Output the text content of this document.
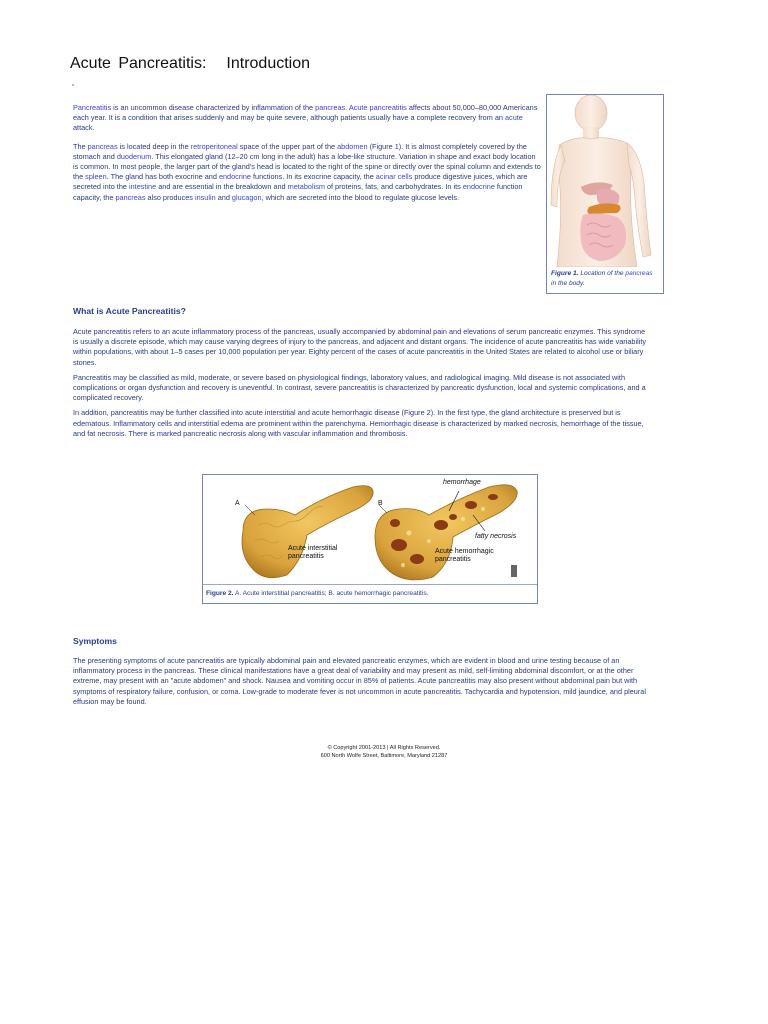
Acute Pancreatitis: Introduction

Pancreatitis is an uncommon disease characterized by inflammation of the pancreas. Acute pancreatitis affects about 50,000–80,000 Americans each year. It is a condition that arises suddenly and may be quite severe, although patients usually have a complete recovery from an acute attack.

The pancreas is located deep in the retroperitoneal space of the upper part of the abdomen (Figure 1). It is almost completely covered by the stomach and duodenum. This elongated gland (12–20 cm long in the adult) has a lobe-like structure. Variation in shape and exact body location is common. In most people, the larger part of the gland's head is located to the right of the spine or directly over the spinal column and extends to the spleen. The gland has both exocrine and endocrine functions. In its exocrine capacity, the acinar cells produce digestive juices, which are secreted into the intestine and are essential in the breakdown and metabolism of proteins, fats, and carbohydrates. In its endocrine function capacity, the pancreas also produces insulin and glucagon, which are secreted into the blood to regulate glucose levels.

Figure 1. Location of the pancreas in the body.
What is Acute Pancreatitis?

Acute pancreatitis refers to an acute inflammatory process of the pancreas, usually accompanied by abdominal pain and elevations of serum pancreatic enzymes. This syndrome is usually a discrete episode, which may cause varying degrees of injury to the pancreas, and adjacent and distant organs. The incidence of acute pancreatitis has wide variability within populations, with about 1–5 cases per 10,000 population per year. Eighty percent of the cases of acute pancreatitis in the United States are related to alcohol use or biliary stones.

Pancreatitis may be classified as mild, moderate, or severe based on physiological findings, laboratory values, and radiological imaging. Mild disease is not associated with complications or organ dysfunction and recovery is uneventful. In contrast, severe pancreatitis is characterized by pancreatic dysfunction, local and systemic complications, and a complicated recovery.

In addition, pancreatitis may be further classified into acute interstitial and acute hemorrhagic disease (Figure 2). In the first type, the gland architecture is preserved but is edematous. Inflammatory cells and interstitial edema are prominent within the parenchyma. Hemorrhagic disease is characterized by marked necrosis, hemorrhage of the tissue, and fat necrosis. There is marked pancreatic necrosis along with vascular inflammation and thrombosis.

A	B
Acute interstitial
pancreatitis
Acute hemorrhagic
pancreatitis
hemorrhage
fatty necrosis
Figure 2. A. Acute interstitial pancreatitis; B. acute hemorrhagic pancreatitis.
Symptoms

The presenting symptoms of acute pancreatitis are typically abdominal pain and elevated pancreatic enzymes, which are evident in blood and urine testing because of an inflammatory process in the pancreas. These clinical manifestations have a great deal of variability and may present as mild, self-limiting abdominal discomfort, or at the other extreme, may present with an "acute abdomen" and shock. Nausea and vomiting occur in 85% of patients. Acute pancreatitis may also present without abdominal pain but with symptoms of respiratory failure, confusion, or coma. Low-grade to moderate fever is not uncommon in acute pancreatitis. Tachycardia and hypotension, mild jaundice, and pleural effusion may be found.

© Copyright 2001-2013 | All Rights Reserved.
600 North Wolfe Street, Baltimore, Maryland 21287
